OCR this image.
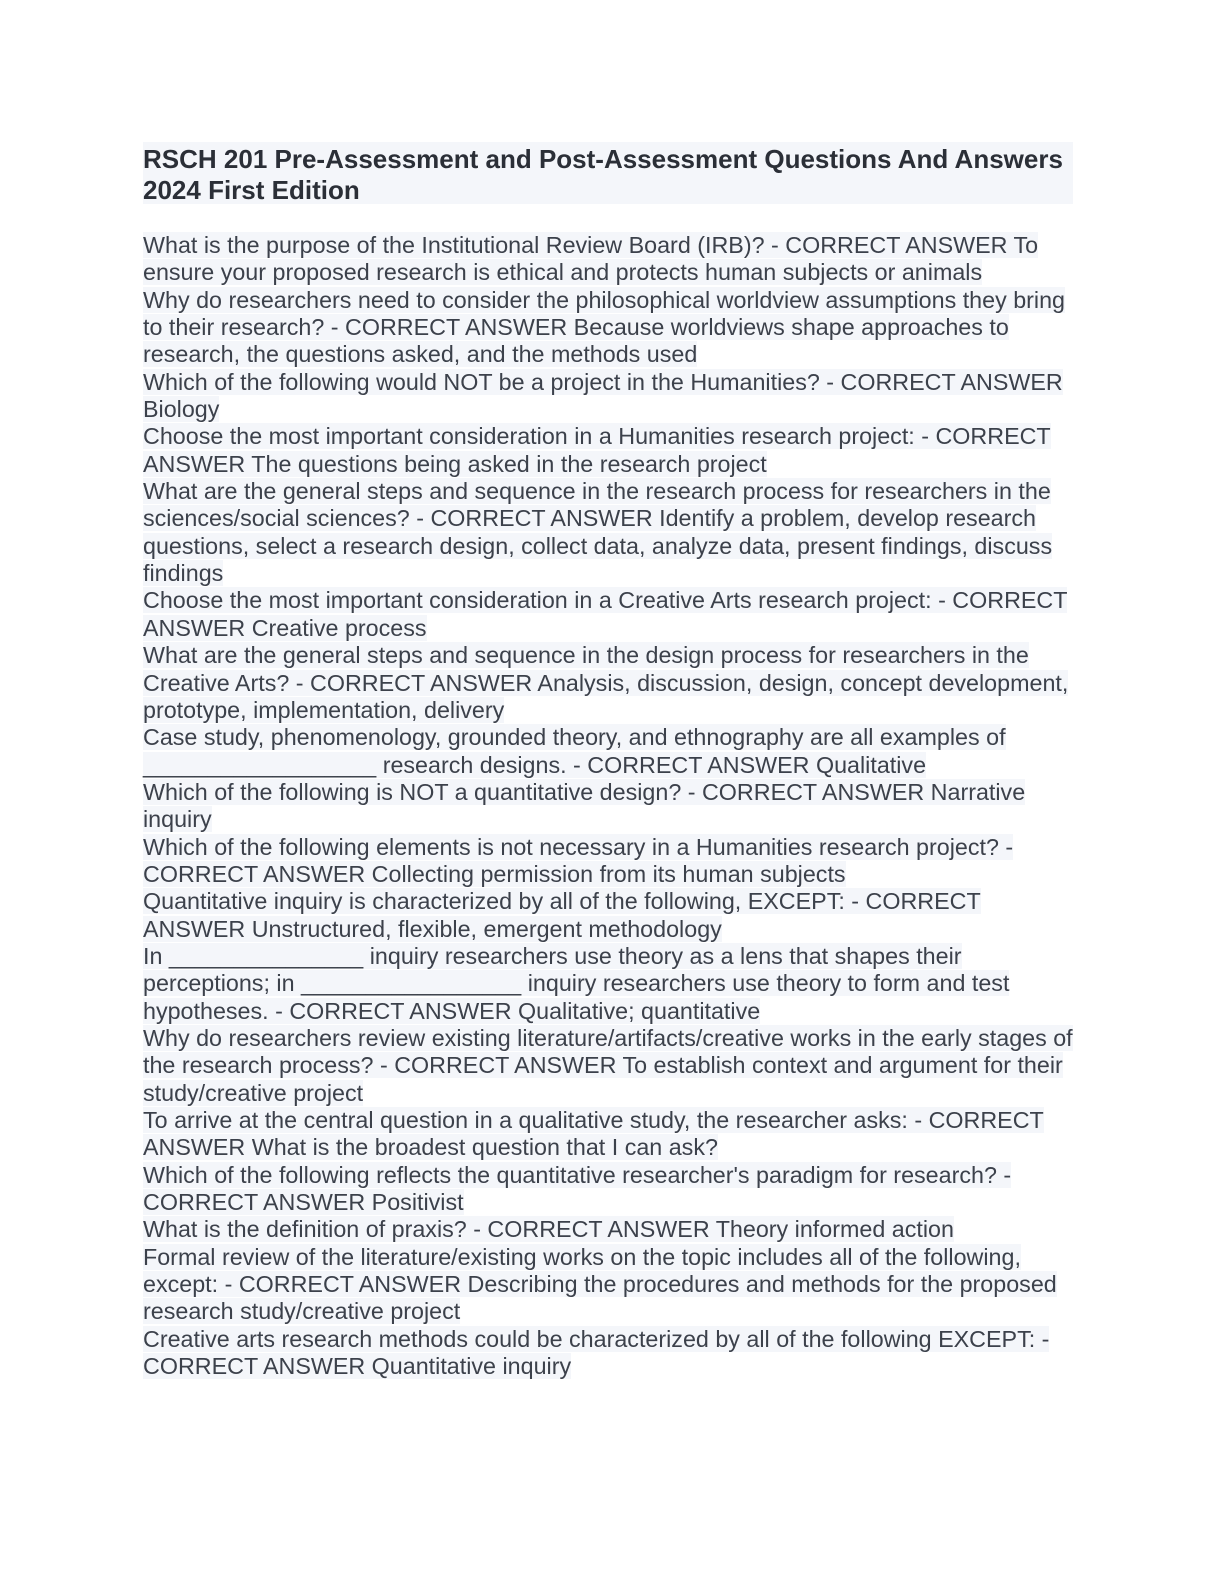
RSCH 201 Pre-Assessment and Post-Assessment Questions And Answers 2024 First Edition

What is the purpose of the Institutional Review Board (IRB)? - CORRECT ANSWER To ensure your proposed research is ethical and protects human subjects or animals

Why do researchers need to consider the philosophical worldview assumptions they bring to their research? - CORRECT ANSWER Because worldviews shape approaches to research, the questions asked, and the methods used

Which of the following would NOT be a project in the Humanities? - CORRECT ANSWER Biology

Choose the most important consideration in a Humanities research project: - CORRECT ANSWER The questions being asked in the research project

What are the general steps and sequence in the research process for researchers in the sciences/social sciences? - CORRECT ANSWER Identify a problem, develop research questions, select a research design, collect data, analyze data, present findings, discuss findings

Choose the most important consideration in a Creative Arts research project: - CORRECT ANSWER Creative process

What are the general steps and sequence in the design process for researchers in the Creative Arts? - CORRECT ANSWER Analysis, discussion, design, concept development, prototype, implementation, delivery

Case study, phenomenology, grounded theory, and ethnography are all examples of __________________ research designs. - CORRECT ANSWER Qualitative

Which of the following is NOT a quantitative design? - CORRECT ANSWER Narrative inquiry

Which of the following elements is not necessary in a Humanities research project? - CORRECT ANSWER Collecting permission from its human subjects

Quantitative inquiry is characterized by all of the following, EXCEPT: - CORRECT ANSWER Unstructured, flexible, emergent methodology

In _______________ inquiry researchers use theory as a lens that shapes their perceptions; in _________________ inquiry researchers use theory to form and test hypotheses. - CORRECT ANSWER Qualitative; quantitative

Why do researchers review existing literature/artifacts/creative works in the early stages of the research process? - CORRECT ANSWER To establish context and argument for their study/creative project

To arrive at the central question in a qualitative study, the researcher asks: - CORRECT ANSWER What is the broadest question that I can ask?

Which of the following reflects the quantitative researcher's paradigm for research? - CORRECT ANSWER Positivist

What is the definition of praxis? - CORRECT ANSWER Theory informed action

Formal review of the literature/existing works on the topic includes all of the following, except: - CORRECT ANSWER Describing the procedures and methods for the proposed research study/creative project

Creative arts research methods could be characterized by all of the following EXCEPT: - CORRECT ANSWER Quantitative inquiry
